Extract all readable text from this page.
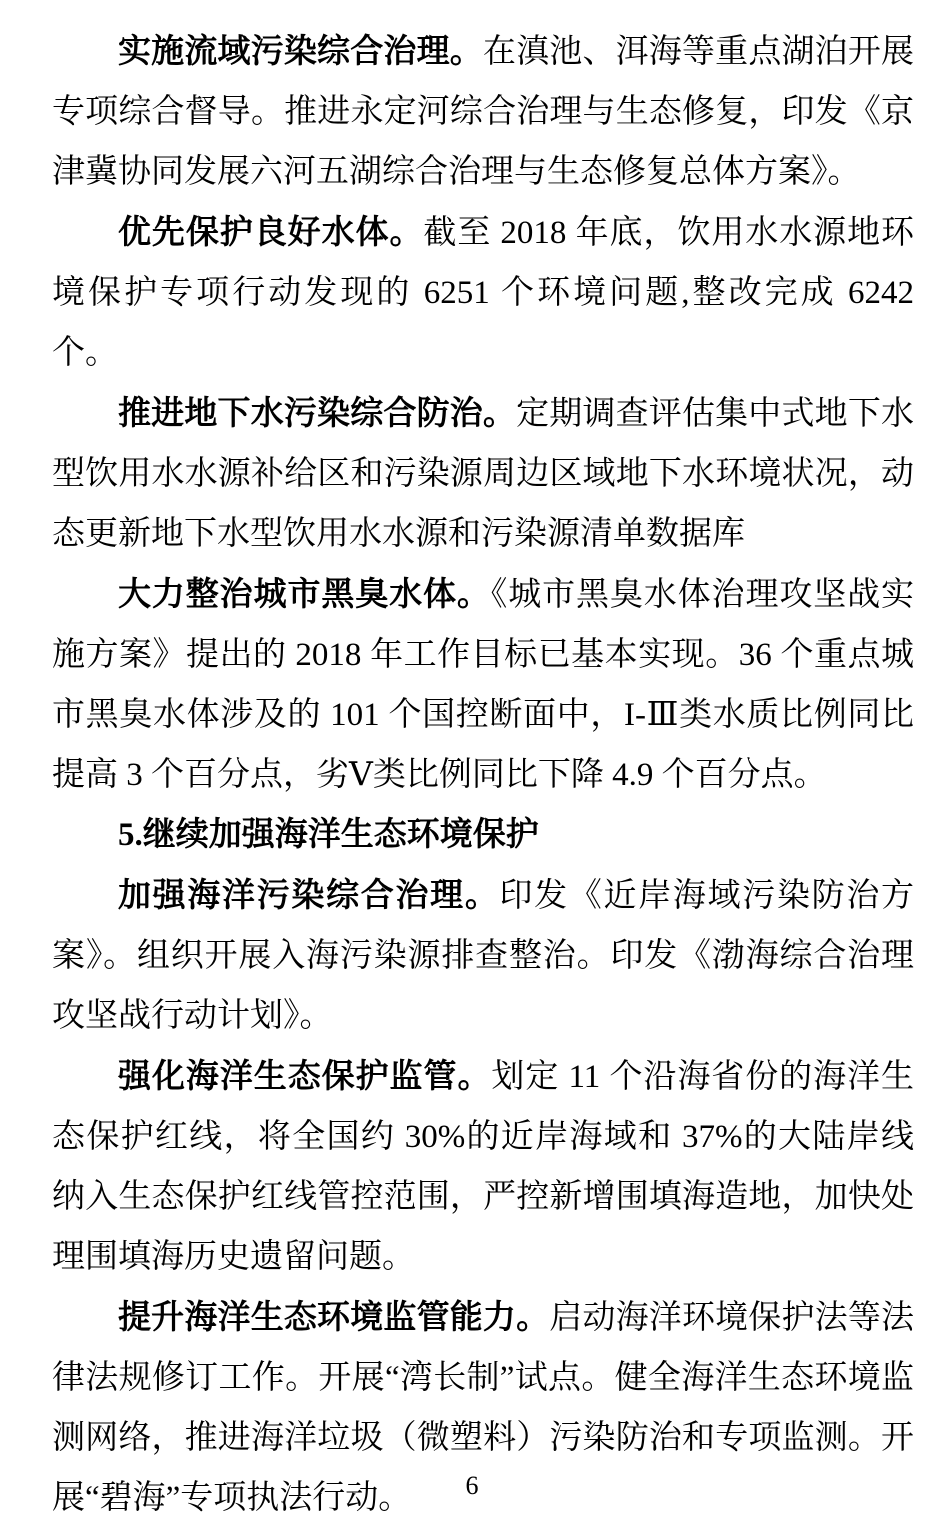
实施流域污染综合治理。在滇池、洱海等重点湖泊开展专项综合督导。推进永定河综合治理与生态修复，印发《京津冀协同发展六河五湖综合治理与生态修复总体方案》。

优先保护良好水体。截至 2018 年底，饮用水水源地环境保护专项行动发现的 6251 个环境问题,整改完成 6242 个。

推进地下水污染综合防治。定期调查评估集中式地下水型饮用水水源补给区和污染源周边区域地下水环境状况，动态更新地下水型饮用水水源和污染源清单数据库

大力整治城市黑臭水体。《城市黑臭水体治理攻坚战实施方案》提出的 2018 年工作目标已基本实现。36 个重点城市黑臭水体涉及的 101 个国控断面中，I-Ⅲ类水质比例同比提高 3 个百分点，劣Ⅴ类比例同比下降 4.9 个百分点。

5.继续加强海洋生态环境保护

加强海洋污染综合治理。印发《近岸海域污染防治方案》。组织开展入海污染源排查整治。印发《渤海综合治理攻坚战行动计划》。

强化海洋生态保护监管。划定 11 个沿海省份的海洋生态保护红线，将全国约 30%的近岸海域和 37%的大陆岸线纳入生态保护红线管控范围，严控新增围填海造地，加快处理围填海历史遗留问题。

提升海洋生态环境监管能力。启动海洋环境保护法等法律法规修订工作。开展“湾长制”试点。健全海洋生态环境监测网络，推进海洋垃圾（微塑料）污染防治和专项监测。开展“碧海”专项执法行动。	6
